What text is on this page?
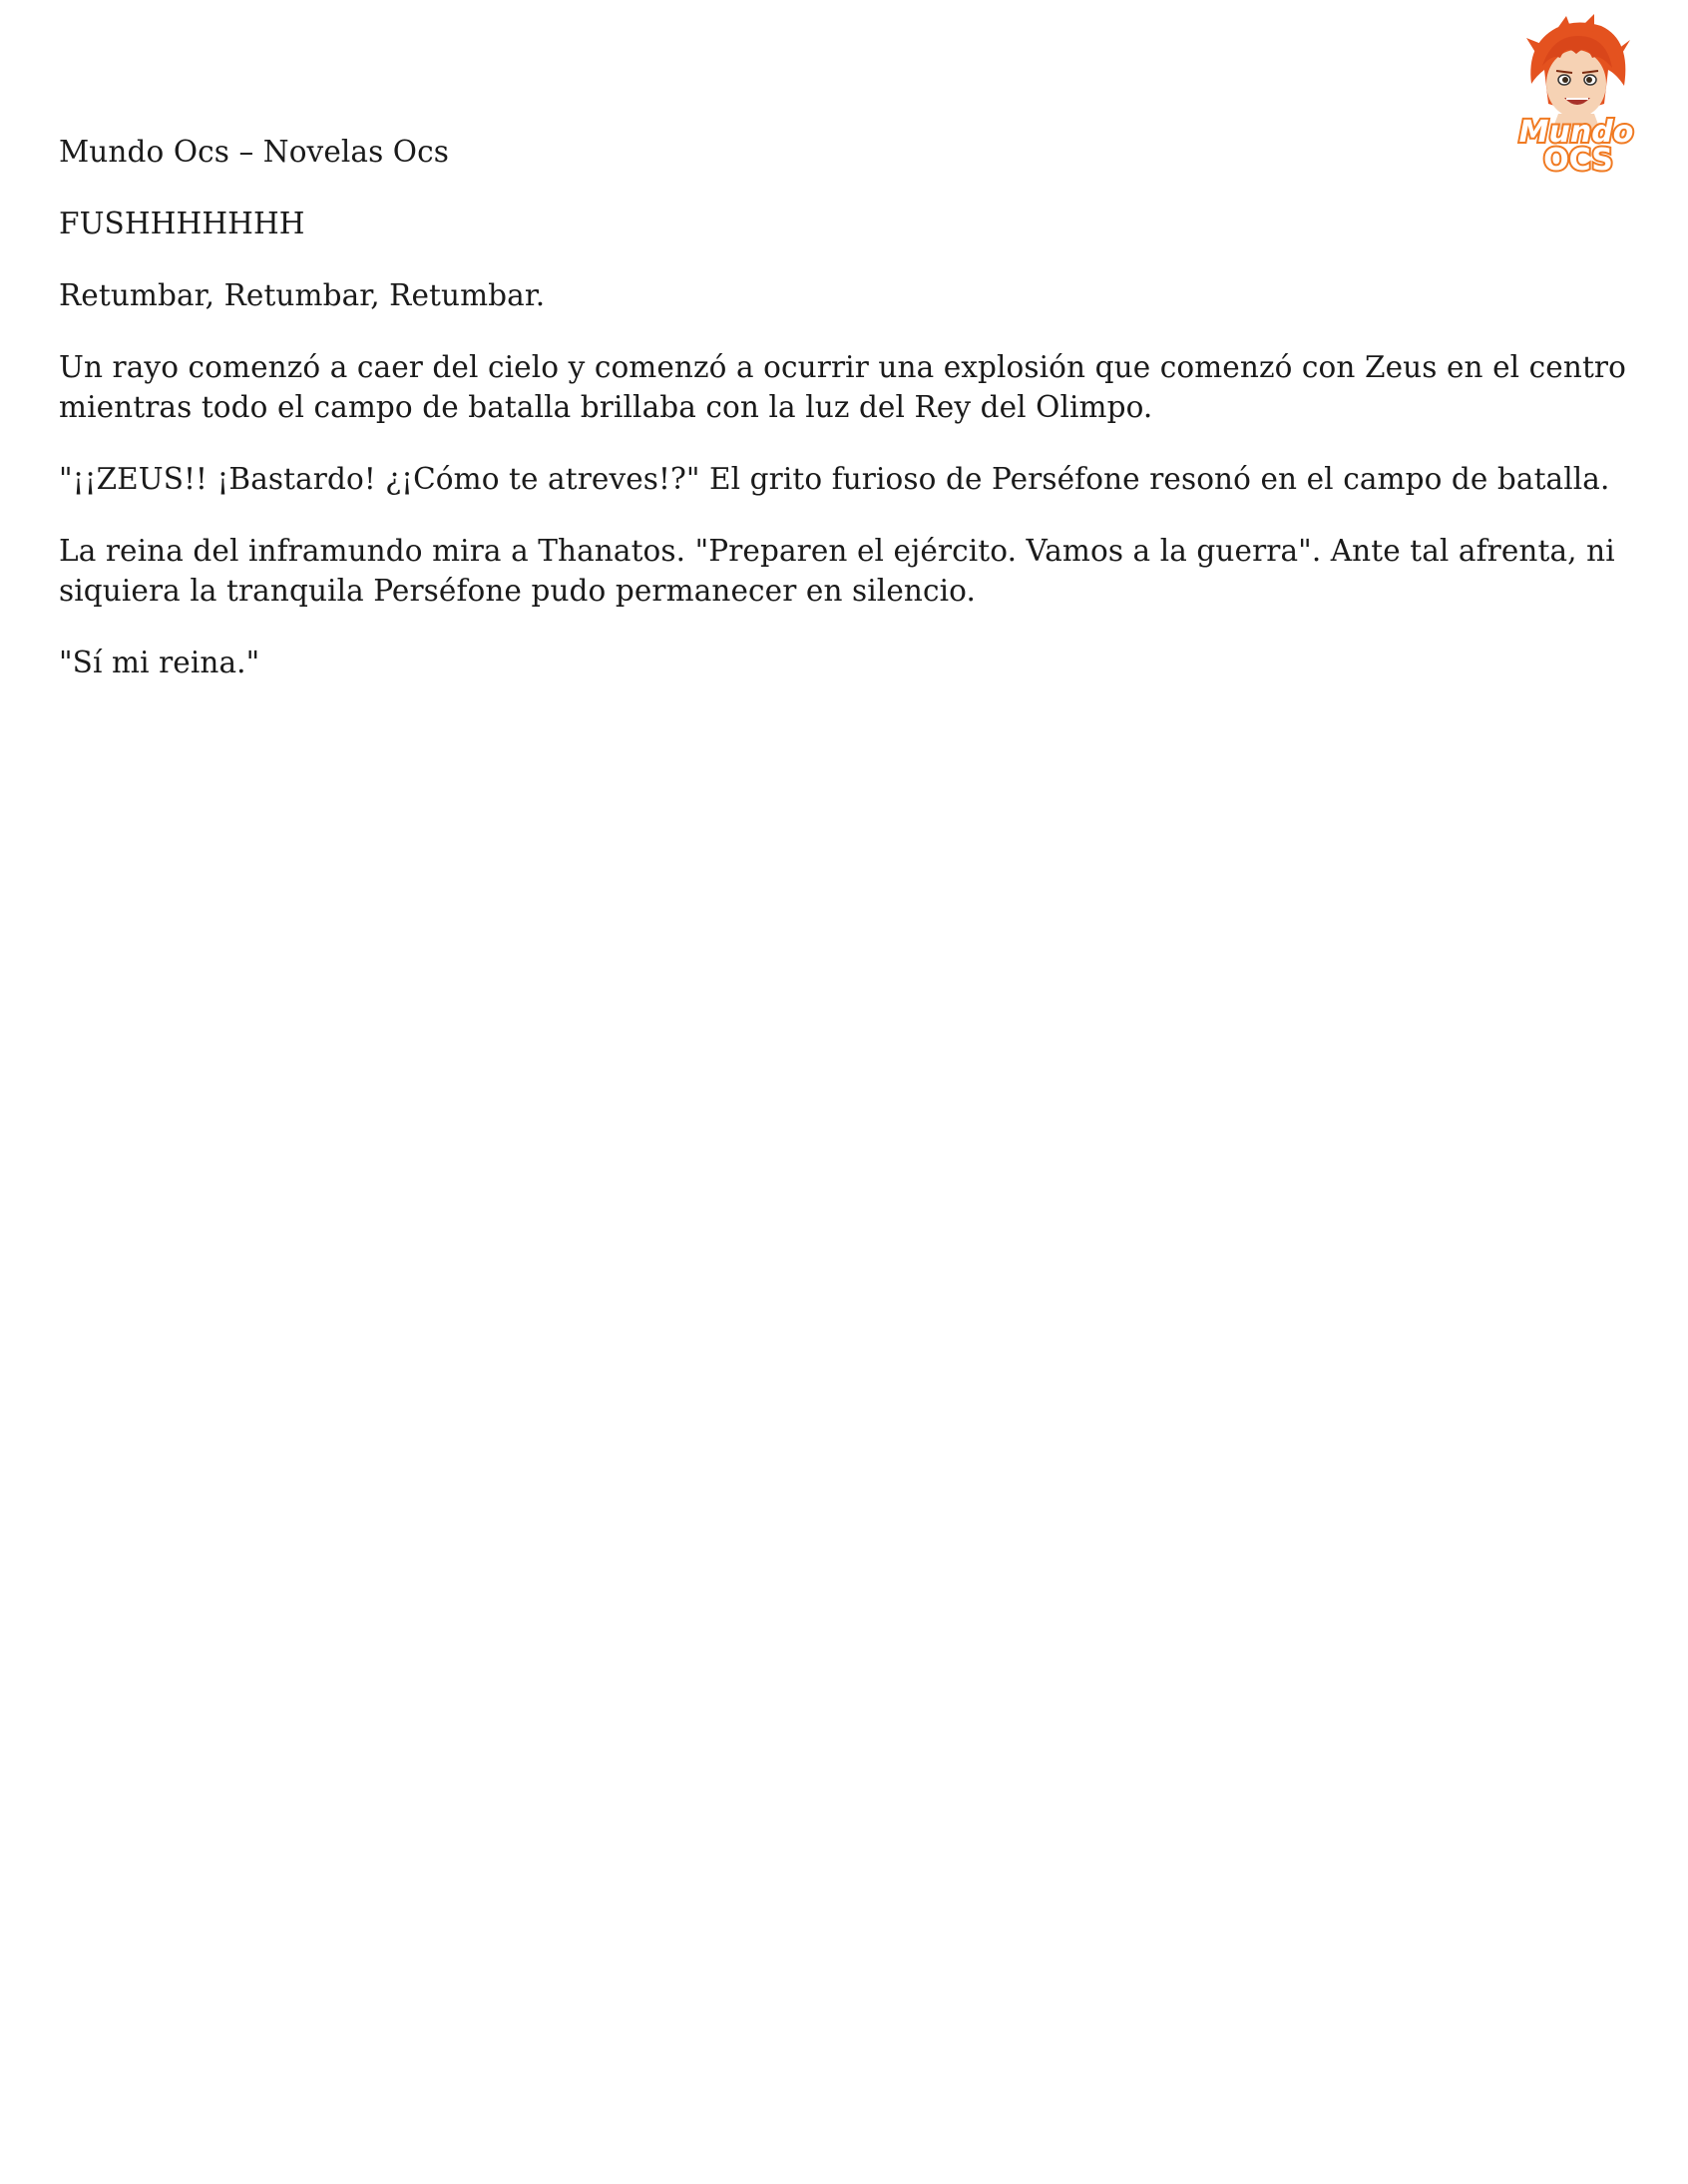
Mundo
OCS

Mundo Ocs – Novelas Ocs

FUSHHHHHHH

Retumbar, Retumbar, Retumbar.

Un rayo comenzó a caer del cielo y comenzó a ocurrir una explosión que comenzó con Zeus en el centro mientras todo el campo de batalla brillaba con la luz del Rey del Olimpo.

"¡¡ZEUS!! ¡Bastardo! ¿¡Cómo te atreves!?" El grito furioso de Perséfone resonó en el campo de batalla.

La reina del inframundo mira a Thanatos. "Preparen el ejército. Vamos a la guerra". Ante tal afrenta, ni siquiera la tranquila Perséfone pudo permanecer en silencio.

"Sí mi reina."
